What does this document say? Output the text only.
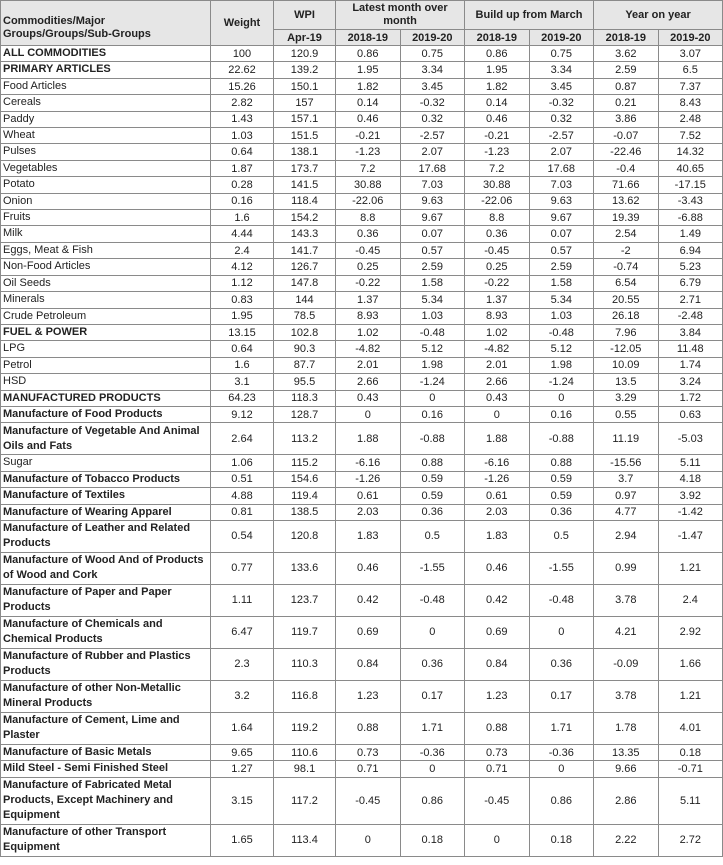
Commodities/Major Groups/Groups/Sub-Groups	Weight	WPI	Latest month over month		Build up from March		Year on year	
		Apr-19	2018-19	2019-20	2018-19	2019-20	2018-19	2019-20
ALL COMMODITIES	100	120.9	0.86	0.75	0.86	0.75	3.62	3.07
PRIMARY ARTICLES	22.62	139.2	1.95	3.34	1.95	3.34	2.59	6.5
Food Articles	15.26	150.1	1.82	3.45	1.82	3.45	0.87	7.37
Cereals	2.82	157	0.14	-0.32	0.14	-0.32	0.21	8.43
Paddy	1.43	157.1	0.46	0.32	0.46	0.32	3.86	2.48
Wheat	1.03	151.5	-0.21	-2.57	-0.21	-2.57	-0.07	7.52
Pulses	0.64	138.1	-1.23	2.07	-1.23	2.07	-22.46	14.32
Vegetables	1.87	173.7	7.2	17.68	7.2	17.68	-0.4	40.65
Potato	0.28	141.5	30.88	7.03	30.88	7.03	71.66	-17.15
Onion	0.16	118.4	-22.06	9.63	-22.06	9.63	13.62	-3.43
Fruits	1.6	154.2	8.8	9.67	8.8	9.67	19.39	-6.88
Milk	4.44	143.3	0.36	0.07	0.36	0.07	2.54	1.49
Eggs, Meat & Fish	2.4	141.7	-0.45	0.57	-0.45	0.57	-2	6.94
Non-Food Articles	4.12	126.7	0.25	2.59	0.25	2.59	-0.74	5.23
Oil Seeds	1.12	147.8	-0.22	1.58	-0.22	1.58	6.54	6.79
Minerals	0.83	144	1.37	5.34	1.37	5.34	20.55	2.71
Crude Petroleum	1.95	78.5	8.93	1.03	8.93	1.03	26.18	-2.48
FUEL & POWER	13.15	102.8	1.02	-0.48	1.02	-0.48	7.96	3.84
LPG	0.64	90.3	-4.82	5.12	-4.82	5.12	-12.05	11.48
Petrol	1.6	87.7	2.01	1.98	2.01	1.98	10.09	1.74
HSD	3.1	95.5	2.66	-1.24	2.66	-1.24	13.5	3.24
MANUFACTURED PRODUCTS	64.23	118.3	0.43	0	0.43	0	3.29	1.72
Manufacture of Food Products	9.12	128.7	0	0.16	0	0.16	0.55	0.63
Manufacture of Vegetable And Animal Oils and Fats	2.64	113.2	1.88	-0.88	1.88	-0.88	11.19	-5.03
Sugar	1.06	115.2	-6.16	0.88	-6.16	0.88	-15.56	5.11
Manufacture of Tobacco Products	0.51	154.6	-1.26	0.59	-1.26	0.59	3.7	4.18
Manufacture of Textiles	4.88	119.4	0.61	0.59	0.61	0.59	0.97	3.92
Manufacture of Wearing Apparel	0.81	138.5	2.03	0.36	2.03	0.36	4.77	-1.42
Manufacture of Leather and Related Products	0.54	120.8	1.83	0.5	1.83	0.5	2.94	-1.47
Manufacture of Wood And of Products of Wood and Cork	0.77	133.6	0.46	-1.55	0.46	-1.55	0.99	1.21
Manufacture of Paper and Paper Products	1.11	123.7	0.42	-0.48	0.42	-0.48	3.78	2.4
Manufacture of Chemicals and Chemical Products	6.47	119.7	0.69	0	0.69	0	4.21	2.92
Manufacture of Rubber and Plastics Products	2.3	110.3	0.84	0.36	0.84	0.36	-0.09	1.66
Manufacture of other Non-Metallic Mineral Products	3.2	116.8	1.23	0.17	1.23	0.17	3.78	1.21
Manufacture of Cement, Lime and Plaster	1.64	119.2	0.88	1.71	0.88	1.71	1.78	4.01
Manufacture of Basic Metals	9.65	110.6	0.73	-0.36	0.73	-0.36	13.35	0.18
Mild Steel - Semi Finished Steel	1.27	98.1	0.71	0	0.71	0	9.66	-0.71
Manufacture of Fabricated Metal Products, Except Machinery and Equipment	3.15	117.2	-0.45	0.86	-0.45	0.86	2.86	5.11
Manufacture of other Transport Equipment	1.65	113.4	0	0.18	0	0.18	2.22	2.72
